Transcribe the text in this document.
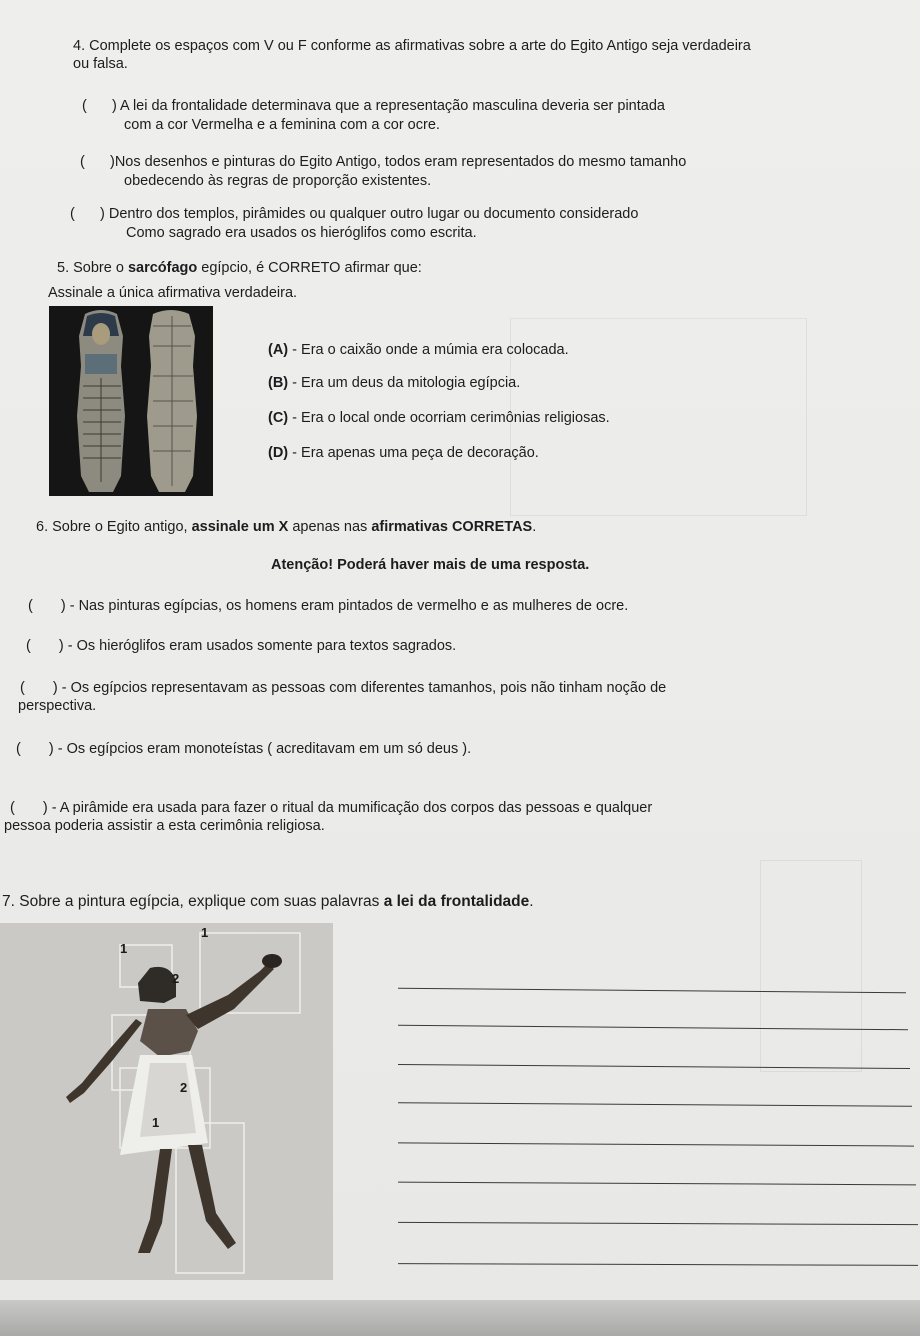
4. Complete os espaços com V ou F conforme as afirmativas sobre a arte do Egito Antigo seja verdadeira
ou falsa.
( ) A lei da frontalidade determinava que a representação masculina deveria ser pintada
com a cor Vermelha e a feminina com a cor ocre.
( )Nos desenhos e pinturas do Egito Antigo, todos eram representados do mesmo tamanho
obedecendo às regras de proporção existentes.
( ) Dentro dos templos, pirâmides ou qualquer outro lugar ou documento considerado
Como sagrado era usados os hieróglifos como escrita.
5. Sobre o sarcófago egípcio, é CORRETO afirmar que:
Assinale a única afirmativa verdadeira.
(A) - Era o caixão onde a múmia era colocada.
(B) - Era um deus da mitologia egípcia.
(C) - Era o local onde ocorriam cerimônias religiosas.
(D) - Era apenas uma peça de decoração.
6. Sobre o Egito antigo, assinale um X apenas nas afirmativas CORRETAS.
Atenção! Poderá haver mais de uma resposta.
( ) - Nas pinturas egípcias, os homens eram pintados de vermelho e as mulheres de ocre.
( ) - Os hieróglifos eram usados somente para textos sagrados.
( ) - Os egípcios representavam as pessoas com diferentes tamanhos, pois não tinham noção de
perspectiva.
( ) - Os egípcios eram monoteístas ( acreditavam em um só deus ).
( ) - A pirâmide era usada para fazer o ritual da mumificação dos corpos das pessoas e qualquer
pessoa poderia assistir a esta cerimônia religiosa.
7. Sobre a pintura egípcia, explique com suas palavras a lei da frontalidade.
1
1
2
2
1
